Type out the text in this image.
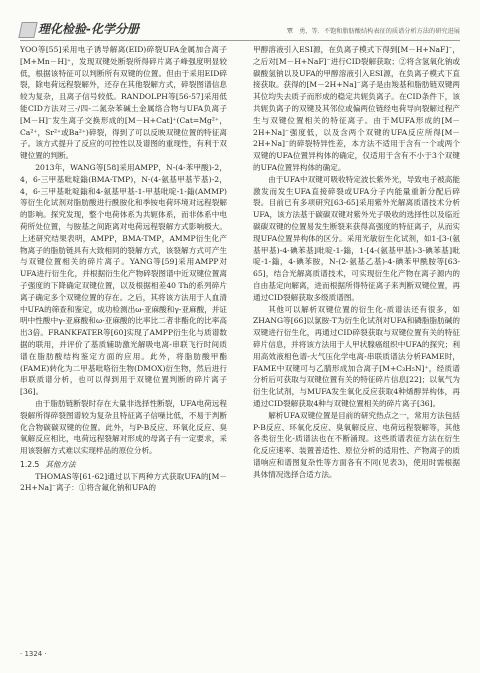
理化检验-化学分册	覃　勇，等．不饱和脂肪酸结构表征的质谱分析方法的研究进展

YOO等[55]采用电子诱导解离(EID)碎裂UFA金属加合离子[M+Mn－H]⁺，发现双键处断裂所得碎片离子峰强度明显较低，根据该特征可以判断所有双键的位置。但由于采用EID碎裂，除电荷远程裂解外，还存在其他裂解方式，碎裂图谱信息较为复杂，且离子信号较低。RANDOLPH等[56-57]采用低能CID方法对三-/四-二氮杂苯碱土金属络合物与UFA负离子[M－H]⁻发生离子交换形成的[M－H+Cat]⁺(Cat=Mg²⁺，Ca²⁺，Sr²⁺或Ba²⁺)碎裂，得到了可以反映双键位置的特征离子。该方式提升了反应的可控性以及谱图的重现性，有利于双键位置的判断。

2013年，WANG等[58]采用AMPP，N-(4-苯甲酸)-2，4，6-三甲基吡啶鎓(BMA-TMP)，N-(4-氨基甲基苄基)-2，4，6-三甲基吡啶鎓和4-氨基甲基-1-甲基吡啶-1-鎓(AMMP)等衍生化试剂对脂肪酸进行酰胺化和季铵电荷环境对远程裂解的影响。探究发现，整个电荷体系为共轭体系，而非体系中电荷所处位置，与胺基之间距离对电荷远程裂解方式影响极大。上述研究结果表明，AMPP，BMA-TMP，AMMP衍生化产物离子的脂肪链具有大致相同的裂解方式，该裂解方式可产生与双键位置相关的碎片离子。YANG等[59]采用AMPP对UFA进行衍生化，并根据衍生化产物碎裂图谱中近双键位置离子强度的下降确定双键位置，以及根据相差40 Th的系列碎片离子确定多个双键位置的存在。之后，其将该方法用于人血清中UFA的筛查和鉴定，成功检测出ω-亚麻酸和γ-亚麻酸，并证明中性酸中γ-亚麻酸和ω-亚麻酸的比率比二者非酯化的比率高出3倍。FRANKFATER等[60]实现了AMPP衍生化与质谱数据的联用，并评价了基质辅助激光解吸电离-串联飞行时间质谱在脂肪酸结构鉴定方面的应用。此外，将脂肪酸甲酯(FAME)转化为二甲基吡咯衍生物(DMOX)衍生物，然后进行串联质谱分析，也可以得到用于双键位置判断的碎片离子[36]。

由于脂肪链断裂时存在大量非选择性断裂，UFA电荷远程裂解所得碎裂图谱较为复杂且特征离子信噪比低，不易于判断化合物碳碳双键的位置。此外，与P-B反应、环氧化反应、臭氧解反应相比，电荷远程裂解对形成的母离子有一定要求，采用该裂解方式难以实现样品的原位分析。

1.2.5 其他方法

THOMAS等[61-62]通过以下两种方式获取UFA的[M－2H+Na]⁻离子：①将含氟化钠和UFA的

甲醇溶液引入ESI源，在负离子模式下得到[M－H+NaF]⁻，之后对[M－H+NaF]⁻进行CID裂解获取；②将含氢氧化钠或碳酸氢钠以及UFA的甲醇溶液引入ESI源，在负离子模式下直接获取。获得的[M－2H+Na]⁻离子是由羧基和脂肪链双键两其位均失去质子而形成的稳定共轭负离子。在CID条件下，该共轭负离子的双键及其邻位或偏两位链经电荷导向裂解过程产生与双键位置相关的特征离子。由于MUFA形成的[M－2H+Na]⁻强度低，以及含两个双键的UFA反应所得[M－2H+Na]⁻的碎裂特异性差，本方法不适用于含有一个或两个双键的UFA位置异构体的确定，仅适用于含有不小于3个双键的UFA位置异构体的确定。

由于UFA中双键可吸收特定波长紫外光，导致电子被高能激发而发生UFA直接碎裂或UFA分子内能量重新分配后碎裂。目前已有多项研究[63-65]采用紫外光解离质谱技术分析UFA，该方法基于碳碳双键对紫外光子吸收的选择性以及临近碳碳双键的位置易发生断裂来获得高强度的特征离子，从而实现UFA位置异构体的区分。采用光敏衍生化试剂，如1-[3-(氨基甲基)-4-碘苯基]吡啶-1-鎓，1-[4-(氨基甲基)-3-碘苯基]吡啶-1-鎓，4-碘苯胺，N-(2-氨基乙基)-4-碘苯甲酰胺等[63-65]，结合光解离质谱技术，可实现衍生化产物在离子源内的自由基定向解离，进而根据所得特征离子来判断双键位置，再通过CID裂解获取多级质谱图。

其他可以解析双键位置的衍生化-质谱法还有很多，如ZHANG等[66]以氯胺-T为衍生化试剂对UFA和磷脂脂肪碱的双键进行衍生化，再通过CID碎裂获取与双键位置有关的特征碎片信息，并将该方法用于人甲状腺癌组织中UFA的探究；利用高效液相色谱-大气压化学电离-串联质谱法分析FAME时，FAME中双键可与乙腈形成加合离子[M+C₃H₅N]⁺，经质谱分析后可获取与双键位置有关的特征碎片信息[22]；以氧气为衍生化试剂，与MUFA发生氧化反应获取4种烯醇异构体，再通过CID裂解获取4种与双键位置相关的碎片离子[36]。

解析UFA双键位置是目前的研究热点之一，常用方法包括P-B反应、环氧化反应、臭氧解反应、电荷远程裂解等，其他各类衍生化-质谱法也在不断涌现。这些质谱表征方法在衍生化反应速率、装置普适性、原位分析的适用性、产物离子的质谱响应和谱图复杂性等方面各有不同(见表3)，使用时需根据具体情况选择合适方法。

· 1324 ·
